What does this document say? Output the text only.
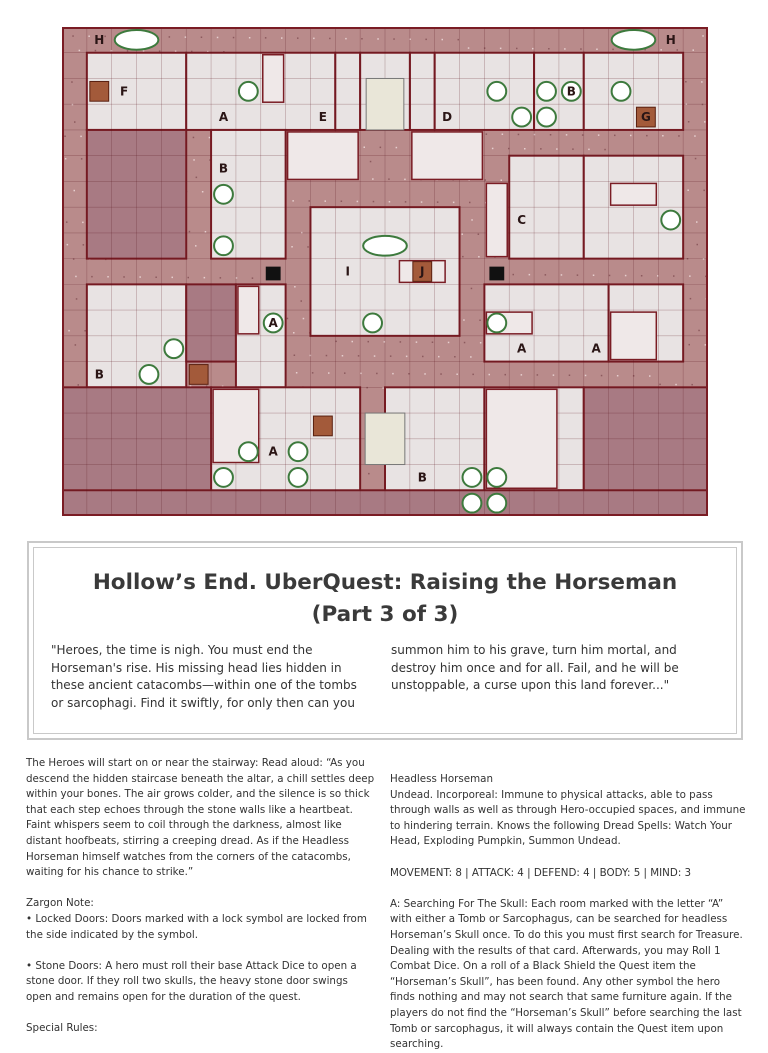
H	H
F
A	E	D
B
G
B
C
I	J
A
A	A
B
A
B
Hollow’s End. UberQuest: Raising the Horseman
(Part 3 of 3)
"Heroes, the time is nigh. You must end the Horseman's rise. His missing head lies hidden in these ancient catacombs—within one of the tombs or sarcophagi. Find it swiftly, for only then can you
summon him to his grave, turn him mortal, and destroy him once and for all. Fail, and he will be unstoppable, a curse upon this land forever..."

The Heroes will start on or near the stairway: Read aloud: “As you descend the hidden staircase beneath the altar, a chill settles deep within your bones. The air grows colder, and the silence is so thick that each step echoes through the stone walls like a heartbeat. Faint whispers seem to coil through the darkness, almost like distant hoofbeats, stirring a creeping dread. As if the Headless Horseman himself watches from the corners of the catacombs, waiting for his chance to strike.”

Zargon Note:

• Locked Doors: Doors marked with a lock symbol are locked from the side indicated by the symbol.

• Stone Doors: A hero must roll their base Attack Dice to open a stone door. If they roll two skulls, the heavy stone door swings open and remains open for the duration of the quest.

Special Rules:

Headless Horseman

Undead. Incorporeal: Immune to physical attacks, able to pass through walls as well as through Hero-occupied spaces, and immune to hindering terrain. Knows the following Dread Spells: Watch Your Head, Exploding Pumpkin, Summon Undead.

MOVEMENT: 8 | ATTACK: 4 | DEFEND: 4 | BODY: 5 | MIND: 3

A: Searching For The Skull: Each room marked with the letter “A” with either a Tomb or Sarcophagus, can be searched for headless Horseman’s Skull once. To do this you must first search for Treasure. Dealing with the results of that card. Afterwards, you may Roll 1 Combat Dice. On a roll of a Black Shield the Quest item the “Horseman’s Skull”, has been found. Any other symbol the hero finds nothing and may not search that same furniture again. If the players do not find the “Horseman’s Skull” before searching the last Tomb or sarcophagus, it will always contain the Quest item upon searching.
